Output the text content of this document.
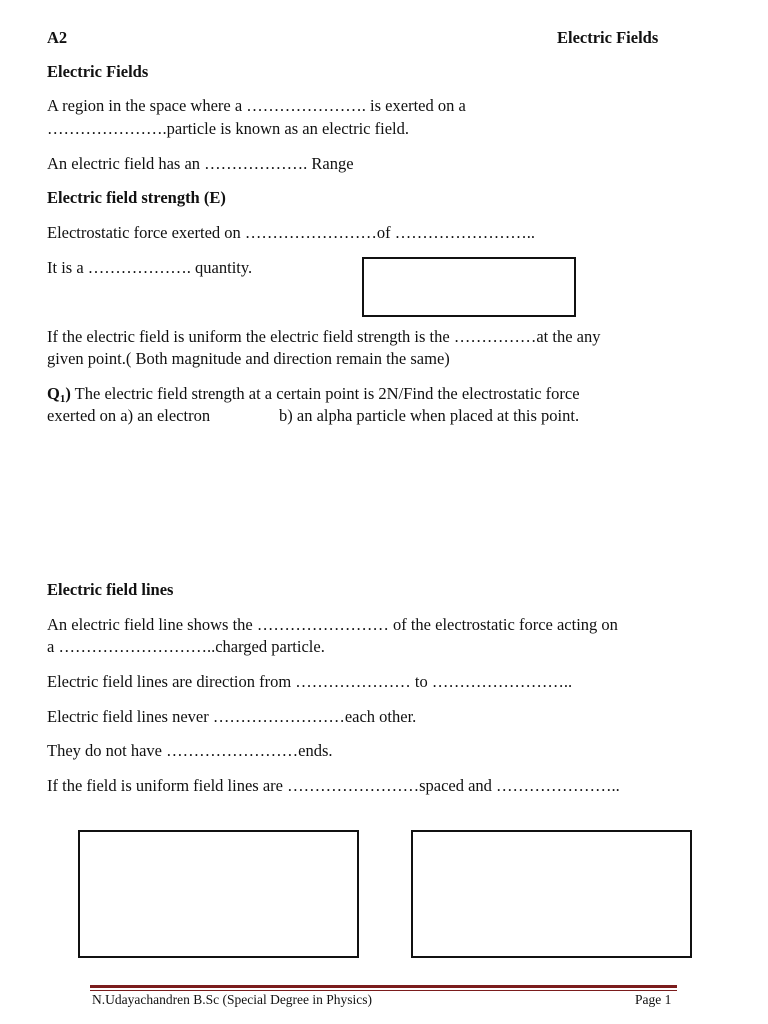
A2	Electric Fields
Electric Fields
A region in the space where a …………………. is exerted on a
………………….particle is known as an electric field.
An electric field has an ………………. Range
Electric field strength (E)
Electrostatic force exerted on ……………………of ……………………..
It is a ………………. quantity.
If the electric field is uniform the electric field strength is the ……………at the any
given point.( Both magnitude and direction remain the same)
$Q_1$) The electric field strength at a certain point is 2N/Find the electrostatic force
exerted on a) an electron	b) an alpha particle when placed at this point.
Electric field lines
An electric field line shows the …………………… of the electrostatic force acting on
a ………………………..charged particle.
Electric field lines are direction from ………………… to ……………………..
Electric field lines never ……………………each other.
They do not have ……………………ends.
If the field is uniform field lines are ……………………spaced and …………………..
N.Udayachandren B.Sc (Special Degree in Physics)	Page 1
